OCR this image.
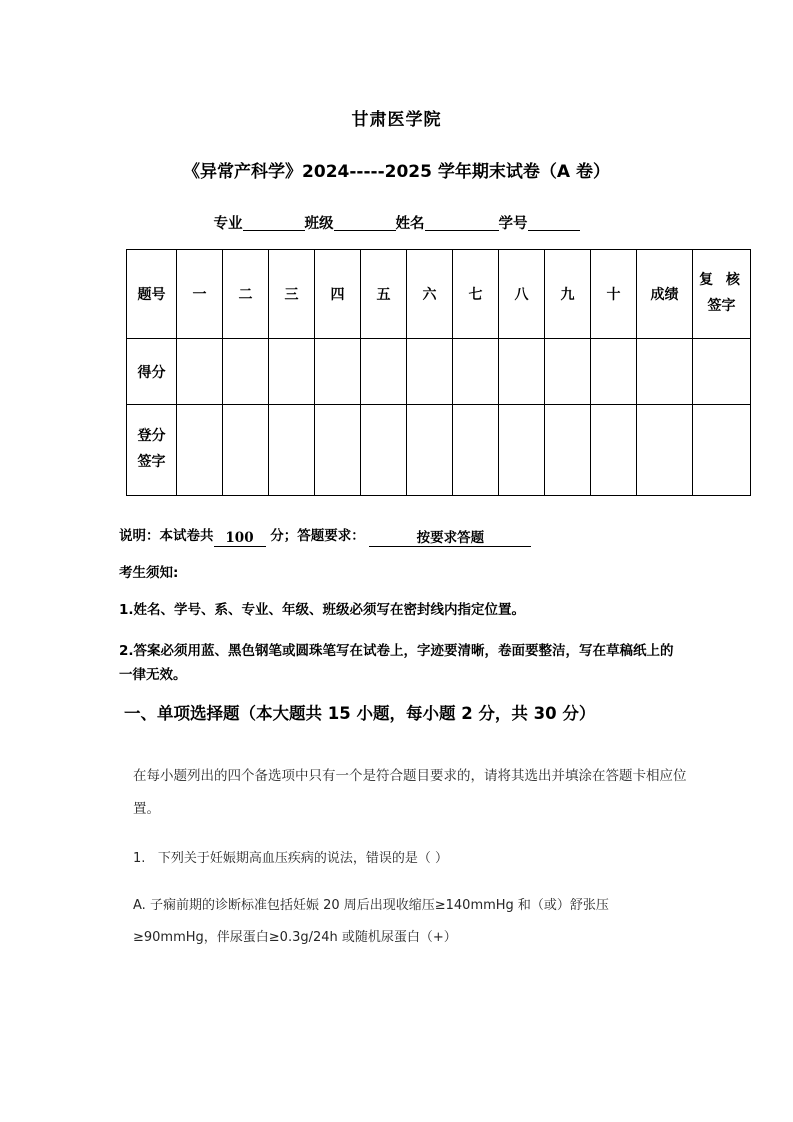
甘肃医学院
《异常产科学》2024-----2025 学年期末试卷（A 卷）
专业	班级	姓名	学号
题号	一	二	三	四	五	六	七	八	九	十	成绩	复 核
签字

得分												

登分
签字												

说明：本试卷共 100 分；答题要求：	按要求答题

考生须知:

1.姓名、学号、系、专业、年级、班级必须写在密封线内指定位置。

2.答案必须用蓝、黑色钢笔或圆珠笔写在试卷上，字迹要清晰，卷面要整洁，写在草稿纸上的一律无效。

一、单项选择题（本大题共 15 小题，每小题 2 分，共 30 分）

在每小题列出的四个备选项中只有一个是符合题目要求的，请将其选出并填涂在答题卡相应位置。

1. 下列关于妊娠期高血压疾病的说法，错误的是（ ）

A. 子痫前期的诊断标准包括妊娠 20 周后出现收缩压≥140mmHg 和（或）舒张压≥90mmHg，伴尿蛋白≥0.3g/24h 或随机尿蛋白（+）
